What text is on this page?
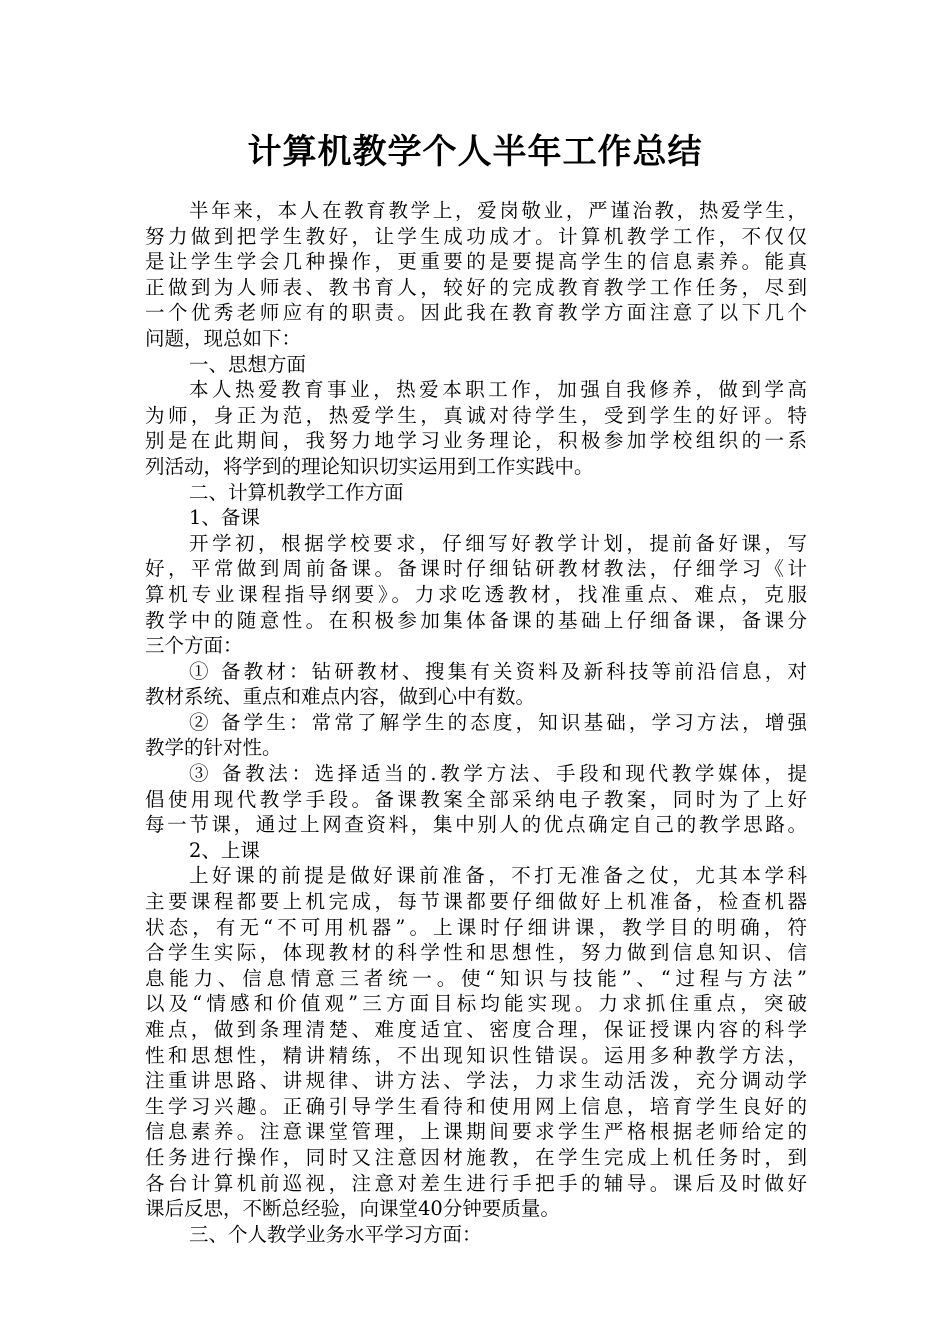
计算机教学个人半年工作总结
半年来，本人在教育教学上，爱岗敬业，严谨治教，热爱学生，
努力做到把学生教好，让学生成功成才。计算机教学工作，不仅仅
是让学生学会几种操作，更重要的是要提高学生的信息素养。能真
正做到为人师表、教书育人，较好的完成教育教学工作任务，尽到
一个优秀老师应有的职责。因此我在教育教学方面注意了以下几个
问题，现总如下：
一、思想方面
本人热爱教育事业，热爱本职工作，加强自我修养，做到学高
为师，身正为范，热爱学生，真诚对待学生，受到学生的好评。特
别是在此期间，我努力地学习业务理论，积极参加学校组织的一系
列活动，将学到的理论知识切实运用到工作实践中。
二、计算机教学工作方面
1、备课
开学初，根据学校要求，仔细写好教学计划，提前备好课，写
好，平常做到周前备课。备课时仔细钻研教材教法，仔细学习《计
算机专业课程指导纲要》。力求吃透教材，找准重点、难点，克服
教学中的随意性。在积极参加集体备课的基础上仔细备课，备课分
三个方面：
① 备教材：钻研教材、搜集有关资料及新科技等前沿信息，对
教材系统、重点和难点内容，做到心中有数。
② 备学生：常常了解学生的态度，知识基础，学习方法，增强
教学的针对性。
③ 备教法：选择适当的.教学方法、手段和现代教学媒体，提
倡使用现代教学手段。备课教案全部采纳电子教案，同时为了上好
每一节课，通过上网查资料，集中别人的优点确定自己的教学思路。
2、上课
上好课的前提是做好课前准备，不打无准备之仗，尤其本学科
主要课程都要上机完成，每节课都要仔细做好上机准备，检查机器
状态，有无“不可用机器”。上课时仔细讲课，教学目的明确，符
合学生实际，体现教材的科学性和思想性，努力做到信息知识、信
息能力、信息情意三者统一。使“知识与技能”、“过程与方法”
以及“情感和价值观”三方面目标均能实现。力求抓住重点，突破
难点，做到条理清楚、难度适宜、密度合理，保证授课内容的科学
性和思想性，精讲精练，不出现知识性错误。运用多种教学方法，
注重讲思路、讲规律、讲方法、学法，力求生动活泼，充分调动学
生学习兴趣。正确引导学生看待和使用网上信息，培育学生良好的
信息素养。注意课堂管理，上课期间要求学生严格根据老师给定的
任务进行操作，同时又注意因材施教，在学生完成上机任务时，到
各台计算机前巡视，注意对差生进行手把手的辅导。课后及时做好
课后反思，不断总经验，向课堂40分钟要质量。
三、个人教学业务水平学习方面：
